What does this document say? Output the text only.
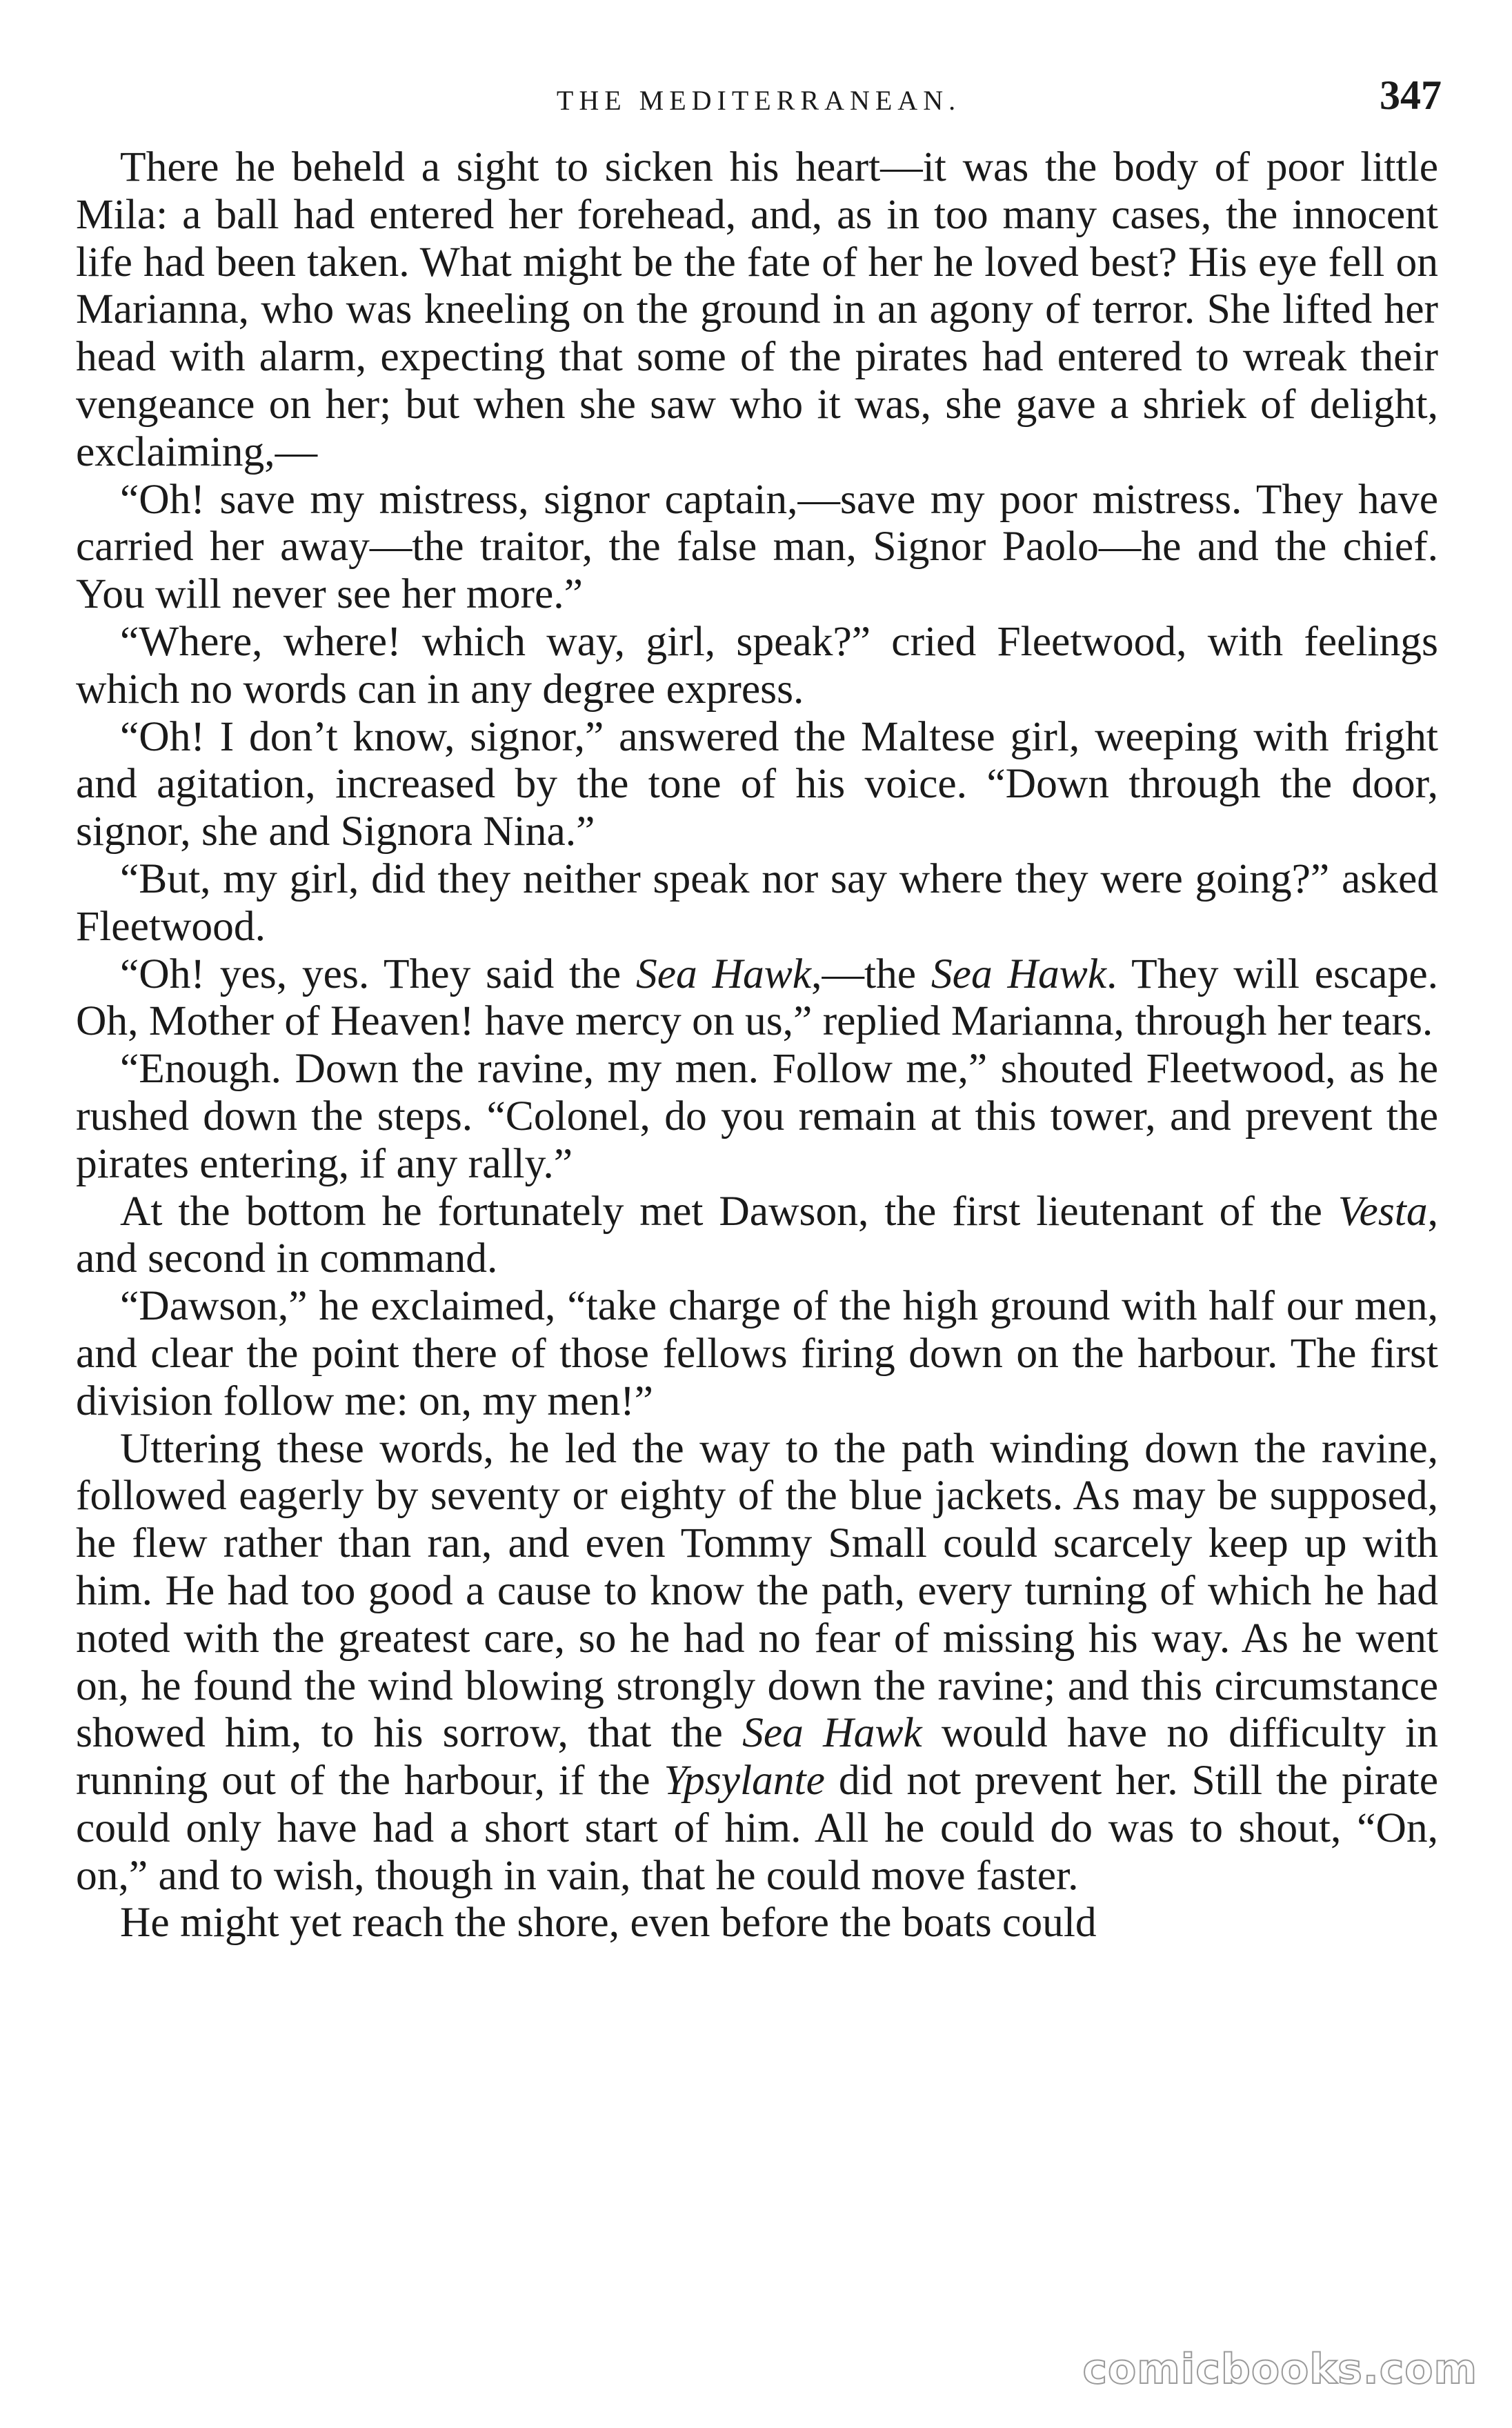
THE MEDITERRANEAN.	347

There he beheld a sight to sicken his heart—it was the body of poor little Mila: a ball had entered her forehead, and, as in too many cases, the innocent life had been taken. What might be the fate of her he loved best? His eye fell on Marianna, who was kneeling on the ground in an agony of terror. She lifted her head with alarm, expecting that some of the pirates had entered to wreak their vengeance on her; but when she saw who it was, she gave a shriek of delight, exclaiming,—

“Oh! save my mistress, signor captain,—save my poor mistress. They have carried her away—the traitor, the false man, Signor Paolo—he and the chief. You will never see her more.”

“Where, where! which way, girl, speak?” cried Fleetwood, with feelings which no words can in any degree express.

“Oh! I don’t know, signor,” answered the Maltese girl, weeping with fright and agitation, increased by the tone of his voice. “Down through the door, signor, she and Signora Nina.”

“But, my girl, did they neither speak nor say where they were going?” asked Fleetwood.

“Oh! yes, yes. They said the Sea Hawk,—the Sea Hawk. They will escape. Oh, Mother of Heaven! have mercy on us,” replied Marianna, through her tears.

“Enough. Down the ravine, my men. Follow me,” shouted Fleetwood, as he rushed down the steps. “Colonel, do you remain at this tower, and prevent the pirates entering, if any rally.”

At the bottom he fortunately met Dawson, the first lieutenant of the Vesta, and second in command.

“Dawson,” he exclaimed, “take charge of the high ground with half our men, and clear the point there of those fellows firing down on the harbour. The first division follow me: on, my men!”

Uttering these words, he led the way to the path winding down the ravine, followed eagerly by seventy or eighty of the blue jackets. As may be supposed, he flew rather than ran, and even Tommy Small could scarcely keep up with him. He had too good a cause to know the path, every turning of which he had noted with the greatest care, so he had no fear of missing his way. As he went on, he found the wind blowing strongly down the ravine; and this circumstance showed him, to his sorrow, that the Sea Hawk would have no difficulty in running out of the harbour, if the Ypsylante did not prevent her. Still the pirate could only have had a short start of him. All he could do was to shout, “On, on,” and to wish, though in vain, that he could move faster.

He might yet reach the shore, even before the boats could

comicbooks.com
